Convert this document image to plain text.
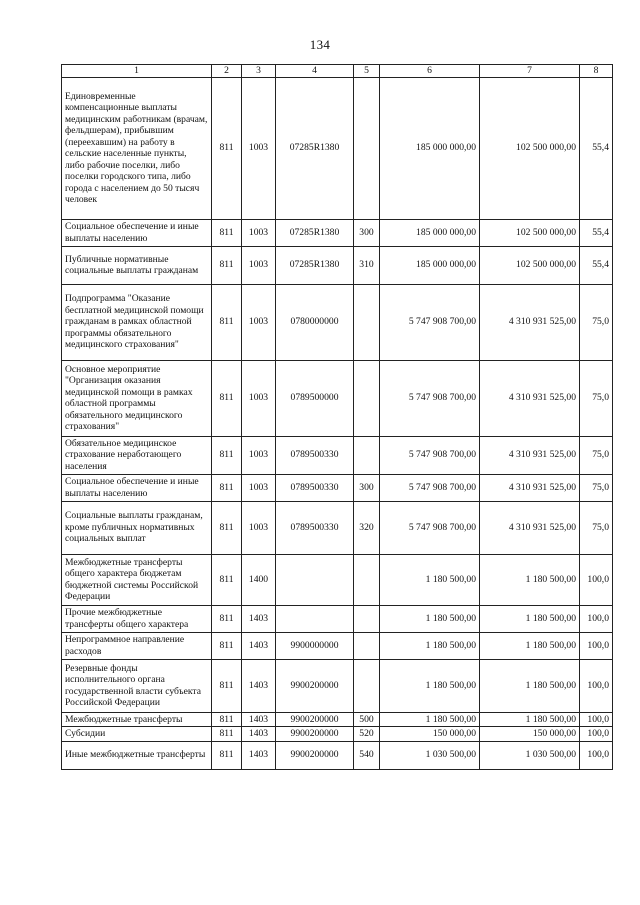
134
1	2	3	4	5	6	7	8
Единовременные компенсационные выплаты медицинским работникам (врачам, фельдшерам), прибывшим (переехавшим) на работу в сельские населенные пункты, либо рабочие поселки, либо поселки городского типа, либо города с населением до 50 тысяч человек	811	1003	07285R1380		185 000 000,00	102 500 000,00	55,4
Социальное обеспечение и иные выплаты населению	811	1003	07285R1380	300	185 000 000,00	102 500 000,00	55,4
Публичные нормативные социальные выплаты гражданам	811	1003	07285R1380	310	185 000 000,00	102 500 000,00	55,4
Подпрограмма "Оказание бесплатной медицинской помощи гражданам в рамках областной программы обязательного медицинского страхования"	811	1003	0780000000		5 747 908 700,00	4 310 931 525,00	75,0
Основное мероприятие "Организация оказания медицинской помощи в рамках областной программы обязательного медицинского страхования"	811	1003	0789500000		5 747 908 700,00	4 310 931 525,00	75,0
Обязательное медицинское страхование неработающего населения	811	1003	0789500330		5 747 908 700,00	4 310 931 525,00	75,0
Социальное обеспечение и иные выплаты населению	811	1003	0789500330	300	5 747 908 700,00	4 310 931 525,00	75,0
Социальные выплаты гражданам, кроме публичных нормативных социальных выплат	811	1003	0789500330	320	5 747 908 700,00	4 310 931 525,00	75,0
Межбюджетные трансферты общего характера бюджетам бюджетной системы Российской Федерации	811	1400			1 180 500,00	1 180 500,00	100,0
Прочие межбюджетные трансферты общего характера	811	1403			1 180 500,00	1 180 500,00	100,0
Непрограммное направление расходов	811	1403	9900000000		1 180 500,00	1 180 500,00	100,0
Резервные фонды исполнительного органа государственной власти субъекта Российской Федерации	811	1403	9900200000		1 180 500,00	1 180 500,00	100,0
Межбюджетные трансферты	811	1403	9900200000	500	1 180 500,00	1 180 500,00	100,0
Субсидии	811	1403	9900200000	520	150 000,00	150 000,00	100,0
Иные межбюджетные трансферты	811	1403	9900200000	540	1 030 500,00	1 030 500,00	100,0
